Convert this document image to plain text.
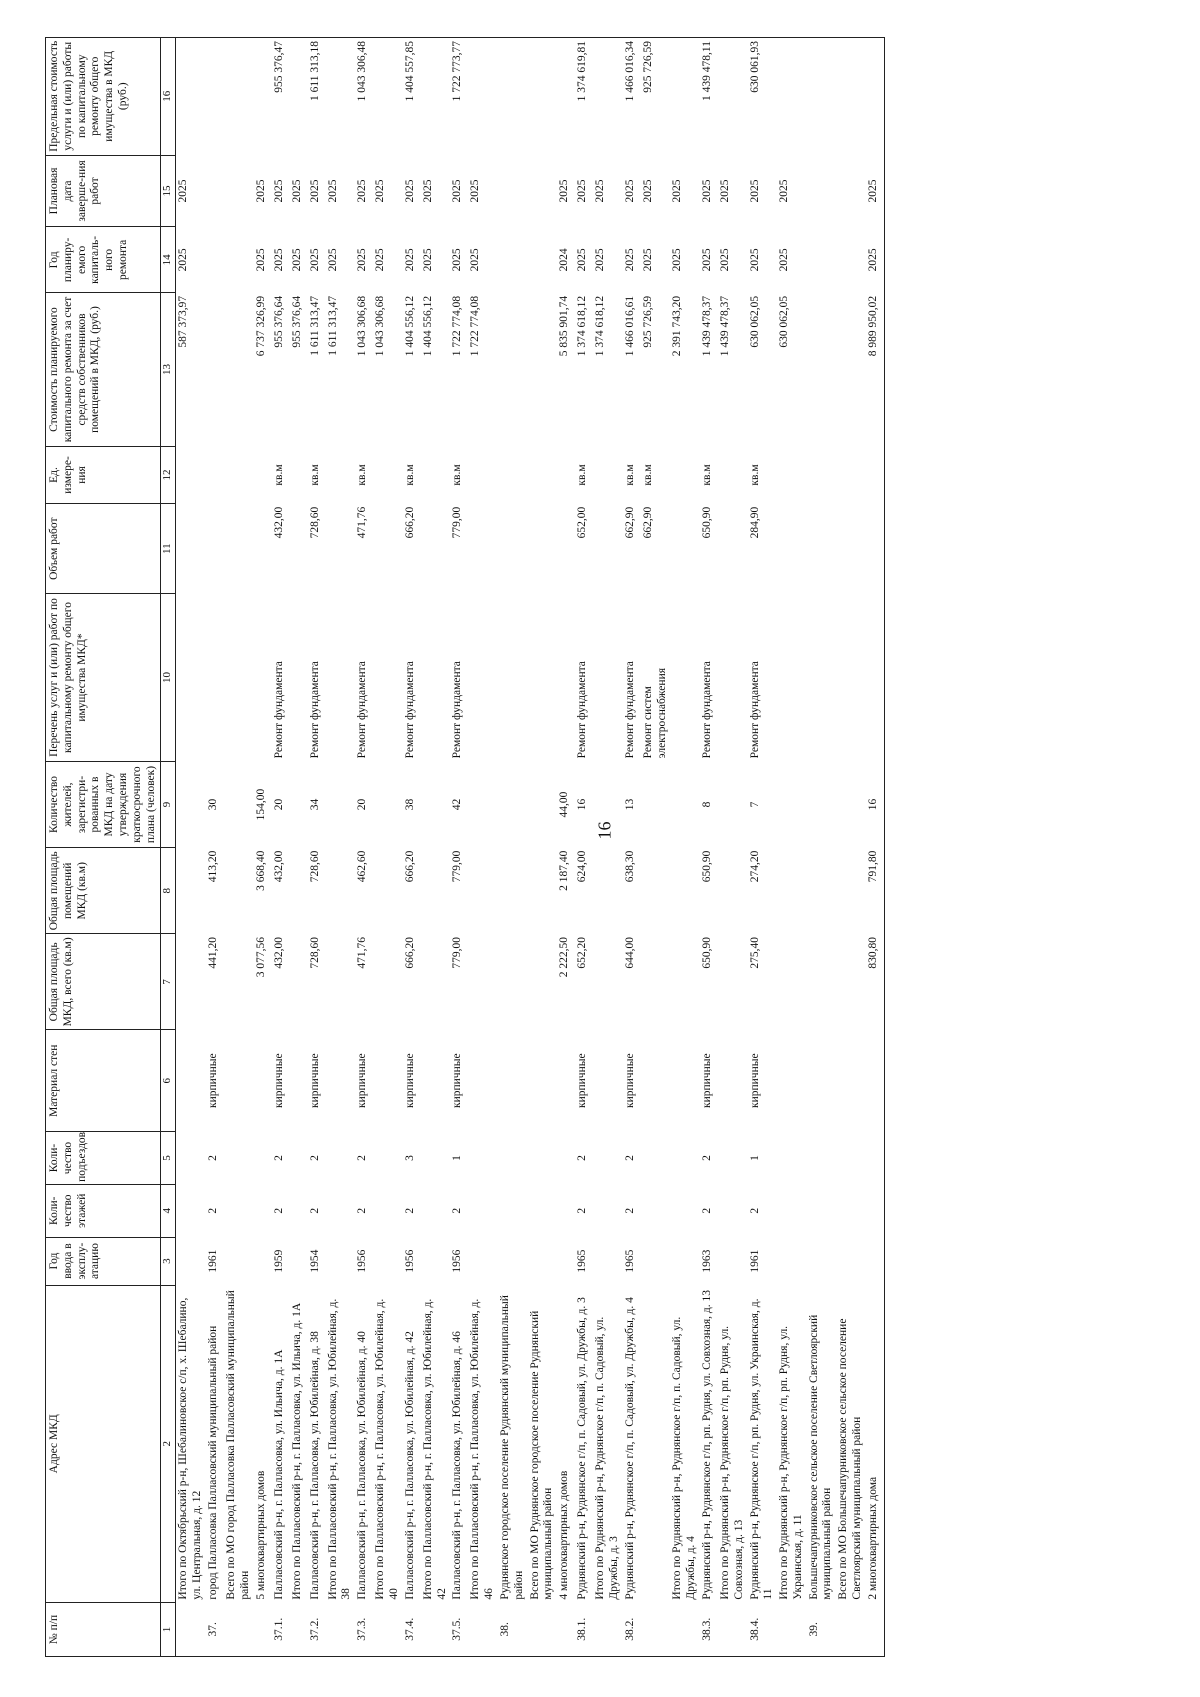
16
№ п/п	Адрес МКД	Год ввода в эксплу-атацию	Коли-чество этажей	Коли-чество подъездов	Материал стен	Общая площадь МКД, всего (кв.м)	Общая площадь помещений МКД (кв.м)	Количество жителей, зарегистри-рованных в МКД на дату утверждения краткосрочного плана (человек)	Перечень услуг и (или) работ по капитальному ремонту общего имущества МКД*	Объем работ	Ед. измере-ния	Стоимость планируемого капитального ремонта за счет средств собственников помещений в МКД, (руб.)	Год планиру-емого капиталь-ного ремонта	Плановая дата заверше-ния работ	Предельная стоимость услуги и (или) работы по капитальному ремонту общего имущества в МКД (руб.)
1	2	3	4	5	6	7	8	9	10	11	12	13	14	15	16
	Итого по Октябрьский р-н, Шебалиновское с/п, х. Шебалино, ул. Центральная, д. 12											587 373,97	2025	2025	
37.	город Палласовка Палласовский муниципальный район	1961	2	2	кирпичные	441,20	413,20	30							
	Всего по МО город Палласовка Палласовский муниципальный район														
	5 многоквартирных домов					3 077,56	3 668,40	154,00				6 737 326,99	2025	2025	
37.1.	Палласовский р-н, г. Палласовка, ул. Ильича, д. 1А	1959	2	2	кирпичные	432,00	432,00	20	Ремонт фундамента	432,00	кв.м	955 376,64	2025	2025	955 376,47
	Итого по Палласовский р-н, г. Палласовка, ул. Ильича, д. 1А											955 376,64	2025	2025	
37.2.	Палласовский р-н, г. Палласовка, ул. Юбилейная, д. 38	1954	2	2	кирпичные	728,60	728,60	34	Ремонт фундамента	728,60	кв.м	1 611 313,47	2025	2025	1 611 313,18
	Итого по Палласовский р-н, г. Палласовка, ул. Юбилейная, д. 38											1 611 313,47	2025	2025	
37.3.	Палласовский р-н, г. Палласовка, ул. Юбилейная, д. 40	1956	2	2	кирпичные	471,76	462,60	20	Ремонт фундамента	471,76	кв.м	1 043 306,68	2025	2025	1 043 306,48
	Итого по Палласовский р-н, г. Палласовка, ул. Юбилейная, д. 40											1 043 306,68	2025	2025	
37.4.	Палласовский р-н, г. Палласовка, ул. Юбилейная, д. 42	1956	2	3	кирпичные	666,20	666,20	38	Ремонт фундамента	666,20	кв.м	1 404 556,12	2025	2025	1 404 557,85
	Итого по Палласовский р-н, г. Палласовка, ул. Юбилейная, д. 42											1 404 556,12	2025	2025	
37.5.	Палласовский р-н, г. Палласовка, ул. Юбилейная, д. 46	1956	2	1	кирпичные	779,00	779,00	42	Ремонт фундамента	779,00	кв.м	1 722 774,08	2025	2025	1 722 773,77
	Итого по Палласовский р-н, г. Палласовка, ул. Юбилейная, д. 46											1 722 774,08	2025	2025	
38.	Руднянское городское поселение Руднянский муниципальный район														
	Всего по МО Руднянское городское поселение Руднянский муниципальный район														
	4 многоквартирных домов					2 222,50	2 187,40	44,00				5 835 901,74	2024	2025	
38.1.	Руднянский р-н, Руднянское г/п, п. Садовый, ул. Дружбы, д. 3	1965	2	2	кирпичные	652,20	624,00	16	Ремонт фундамента	652,00	кв.м	1 374 618,12	2025	2025	1 374 619,81
	Итого по Руднянский р-н, Руднянское г/п, п. Садовый, ул. Дружбы, д. 3											1 374 618,12	2025	2025	
38.2.	Руднянский р-н, Руднянское г/п, п. Садовый, ул. Дружбы, д. 4	1965	2	2	кирпичные	644,00	638,30	13	Ремонт фундамента	662,90	кв.м	1 466 016,61	2025	2025	1 466 016,34
									Ремонт систем электроснабжения	662,90	кв.м	925 726,59	2025	2025	925 726,59
	Итого по Руднянский р-н, Руднянское г/п, п. Садовый, ул. Дружбы, д. 4											2 391 743,20	2025	2025	
38.3.	Руднянский р-н, Руднянское г/п, рп. Рудня, ул. Совхозная, д. 13	1963	2	2	кирпичные	650,90	650,90	8	Ремонт фундамента	650,90	кв.м	1 439 478,37	2025	2025	1 439 478,11
	Итого по Руднянский р-н, Руднянское г/п, рп. Рудня, ул. Совхозная, д. 13											1 439 478,37	2025	2025	
38.4.	Руднянский р-н, Руднянское г/п, рп. Рудня, ул. Украинская, д. 11	1961	2	1	кирпичные	275,40	274,20	7	Ремонт фундамента	284,90	кв.м	630 062,05	2025	2025	630 061,93
	Итого по Руднянский р-н, Руднянское г/п, рп. Рудня, ул. Украинская, д. 11											630 062,05	2025	2025	
39.	Большечапурниковское сельское поселение Светлоярский муниципальный район														
	Всего по МО Большечапурниковское сельское поселение Светлоярский муниципальный район														
	2 многоквартирных дома					830,80	791,80	16				8 989 950,02	2025	2025	
